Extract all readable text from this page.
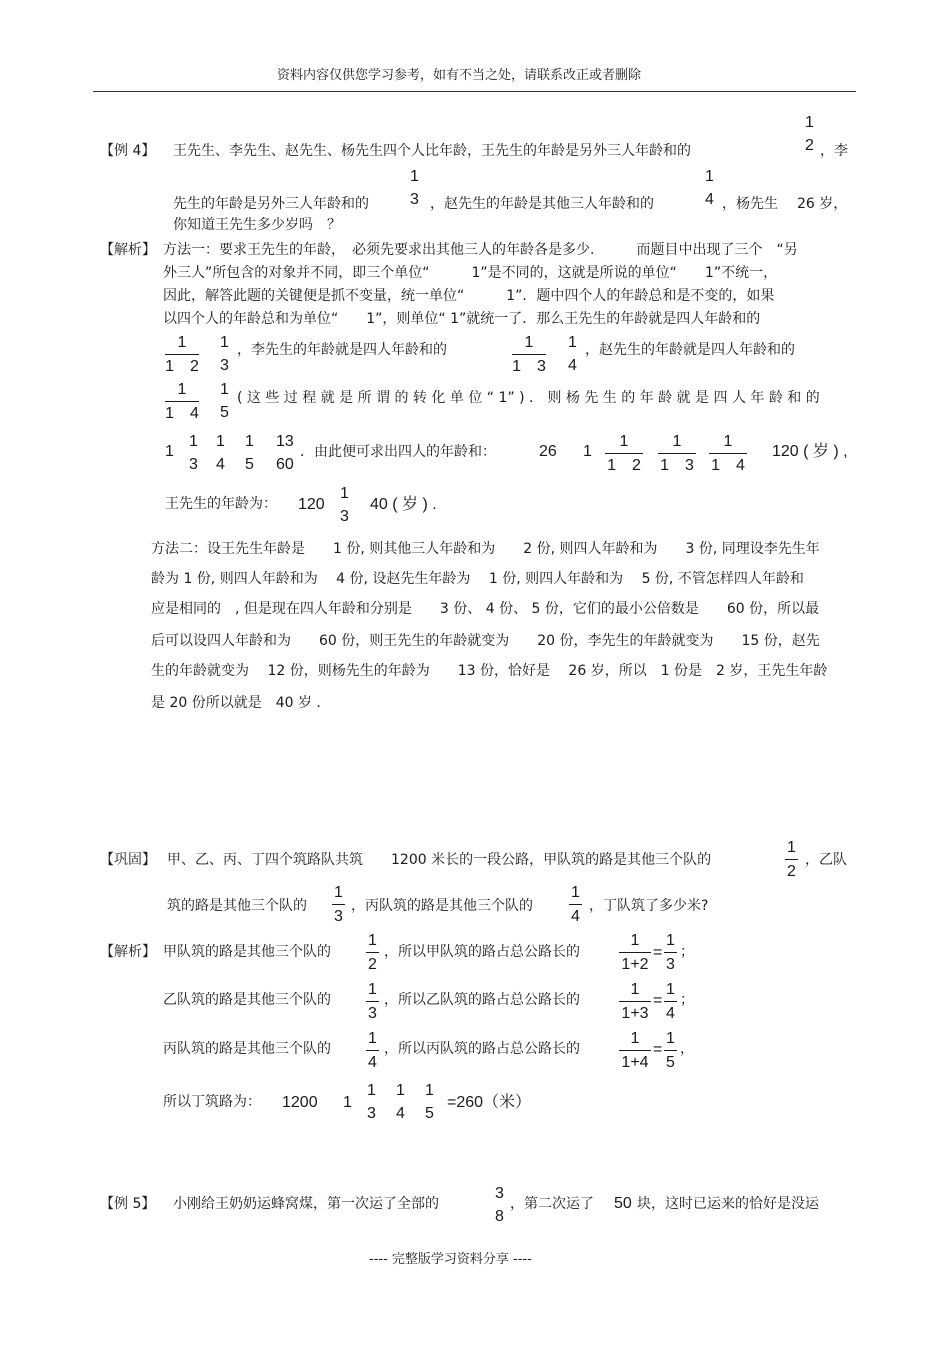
资料内容仅供您学习参考，如有不当之处，请联系改正或者删除
【例 4】 王先生、李先生、赵先生、杨先生四个人比年龄，王先生的年龄是另外三人年龄和的
1
2 ，李
先生的年龄是另外三人年龄和的
1
3 ，赵先生的年龄是其他三人年龄和的
1
4 ，杨先生 26 岁，
你知道王先生多少岁吗　？
【解析】 方法一：要求王先生的年龄，　必须先要求出其他三人的年龄各是多少.　　　而题目中出现了三个　“另
外三人”所包含的对象并不同，即三个单位“　　　1”是不同的，这就是所说的单位“　　1”不统一，
因此，解答此题的关键便是抓不变量，统一单位“　　　1”．题中四个人的年龄总和是不变的，如果
以四个人的年龄总和为单位“　　1”，则单位“ 1”就统一了．那么王先生的年龄就是四人年龄和的
$\frac{1}{1 2} 1$
3
，李先生的年龄就是四人年龄和的	$\frac{1}{1 3} 1$
4
，赵先生的年龄就是四人年龄和的
$\frac{1}{1 4} 1$
5
( 这 些 过 程 就 是 所 谓 的 转 化 单 位 “ 1” ) ． 则 杨 先 生 的 年 龄 就 是 四 人 年 龄 和 的
1
1
3
1
4
1
5
13
60
．由此便可求出四人的年龄和：	26 $1 \frac{1}{1 2} \frac{1}{1 3} \frac{1}{1 4} 120$ ( 岁 ) ,
王先生的年龄为： 120
1
3
40 ( 岁 ) .
方法二：设王先生年龄是　　1 份, 则其他三人年龄和为　　2 份, 则四人年龄和为　　3 份, 同理设李先生年
龄为 1 份, 则四人年龄和为　 4 份, 设赵先生年龄为　 1 份, 则四人年龄和为　 5 份, 不管怎样四人年龄和
应是相同的　, 但是现在四人年龄和分别是　　3 份、 4 份、 5 份，它们的最小公倍数是　　60 份，所以最
后可以设四人年龄和为　　60 份，则王先生的年龄就变为　　20 份，李先生的年龄就变为　　15 份，赵先
生的年龄就变为　 12 份，则杨先生的年龄为　　13 份，恰好是　 26 岁，所以　1 份是　2 岁，王先生年龄
是 20 份所以就是　40 岁 .
【巩固】 甲、乙、丙、丁四个筑路队共筑　　1200 米长的一段公路，甲队筑的路是其他三个队的	$\frac{1}{2}$ ，乙队
筑的路是其他三个队的 $\frac{1}{3}$ ，丙队筑的路是其他三个队的 $\frac{1}{4}$ ，丁队筑了多少米?
【解析】 甲队筑的路是其他三个队的 $\frac{1}{2}$ ，所以甲队筑的路占总公路长的 $\frac{1}{1+2} = \frac{1}{3}$ ；
乙队筑的路是其他三个队的 $\frac{1}{3}$ ，所以乙队筑的路占总公路长的 $\frac{1}{1+3} = \frac{1}{4}$ ；
丙队筑的路是其他三个队的 $\frac{1}{4}$ ，所以丙队筑的路占总公路长的 $\frac{1}{1+4} = \frac{1}{5}$ ，
所以丁筑路为： 1200 1
1
3
1
4
1
5
=260（米）
【例 5】 小刚给王奶奶运蜂窝煤，第一次运了全部的
3
8
，第二次运了 50 块，这时已运来的恰好是没运
---- 完整版学习资料分享 ----
